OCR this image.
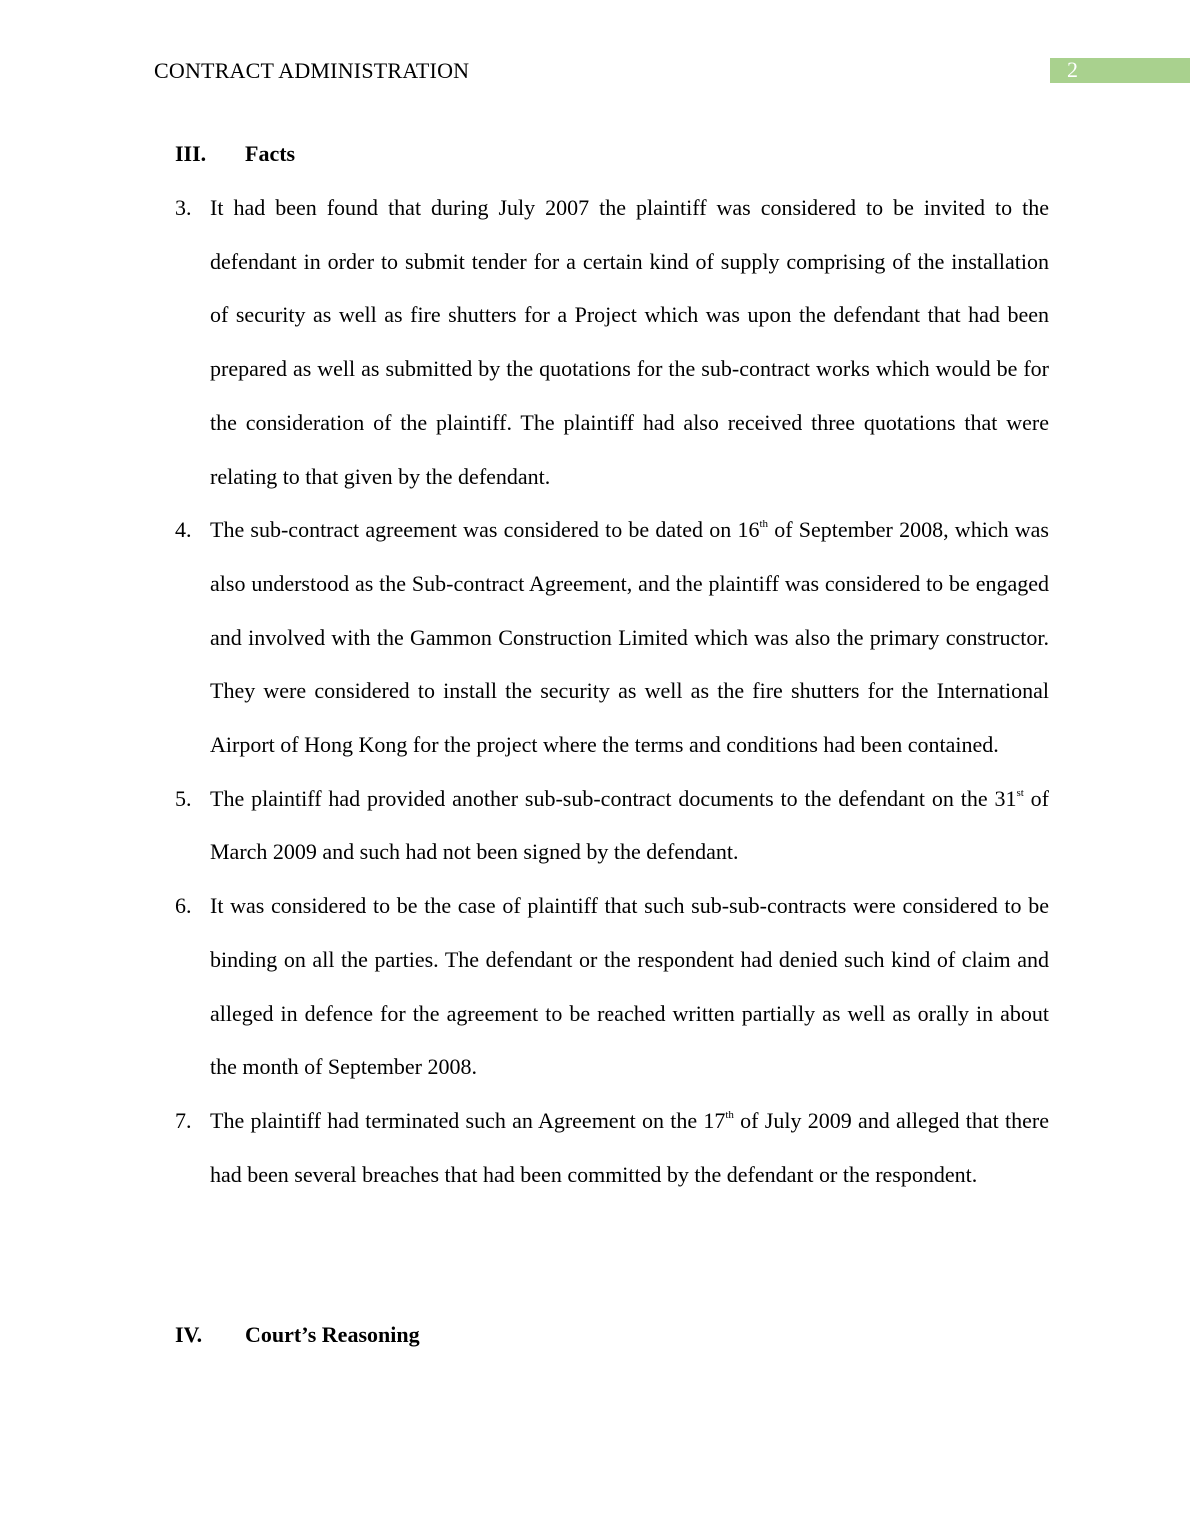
CONTRACT ADMINISTRATION	2
III. Facts
3. It had been found that during July 2007 the plaintiff was considered to be invited to the defendant in order to submit tender for a certain kind of supply comprising of the installation of security as well as fire shutters for a Project which was upon the defendant that had been prepared as well as submitted by the quotations for the sub-contract works which would be for the consideration of the plaintiff. The plaintiff had also received three quotations that were relating to that given by the defendant.
4. The sub-contract agreement was considered to be dated on 16th of September 2008, which was also understood as the Sub-contract Agreement, and the plaintiff was considered to be engaged and involved with the Gammon Construction Limited which was also the primary constructor. They were considered to install the security as well as the fire shutters for the International Airport of Hong Kong for the project where the terms and conditions had been contained.
5. The plaintiff had provided another sub-sub-contract documents to the defendant on the 31st of March 2009 and such had not been signed by the defendant.
6. It was considered to be the case of plaintiff that such sub-sub-contracts were considered to be binding on all the parties. The defendant or the respondent had denied such kind of claim and alleged in defence for the agreement to be reached written partially as well as orally in about the month of September 2008.
7. The plaintiff had terminated such an Agreement on the 17th of July 2009 and alleged that there had been several breaches that had been committed by the defendant or the respondent.
IV. Court’s Reasoning
